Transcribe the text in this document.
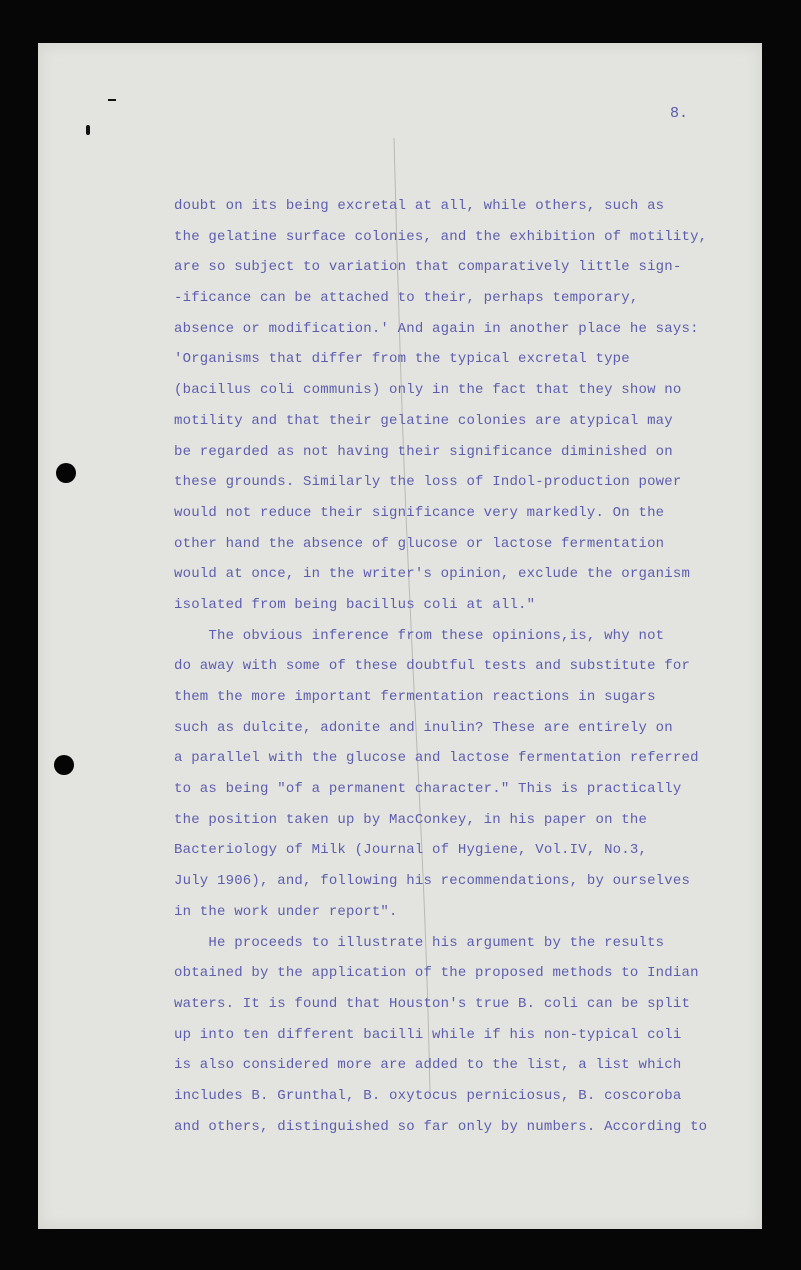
8.
doubt on its being excretal at all, while others, such as
the gelatine surface colonies, and the exhibition of motility,
are so subject to variation that comparatively little sign-
-ificance can be attached to their, perhaps temporary,
absence or modification.' And again in another place he says:
'Organisms that differ from the typical excretal type
(bacillus coli communis) only in the fact that they show no
motility and that their gelatine colonies are atypical may
be regarded as not having their significance diminished on
these grounds. Similarly the loss of Indol-production power
would not reduce their significance very markedly. On the
other hand the absence of glucose or lactose fermentation
would at once, in the writer's opinion, exclude the organism
isolated from being bacillus coli at all."
The obvious inference from these opinions,is, why not
do away with some of these doubtful tests and substitute for
them the more important fermentation reactions in sugars
such as dulcite, adonite and inulin? These are entirely on
a parallel with the glucose and lactose fermentation referred
to as being "of a permanent character." This is practically
the position taken up by MacConkey, in his paper on the
Bacteriology of Milk (Journal of Hygiene, Vol.IV, No.3,
July 1906), and, following his recommendations, by ourselves
in the work under report".
He proceeds to illustrate his argument by the results
obtained by the application of the proposed methods to Indian
waters. It is found that Houston's true B. coli can be split
up into ten different bacilli while if his non-typical coli
is also considered more are added to the list, a list which
includes B. Grunthal, B. oxytocus perniciosus, B. coscoroba
and others, distinguished so far only by numbers. According to
